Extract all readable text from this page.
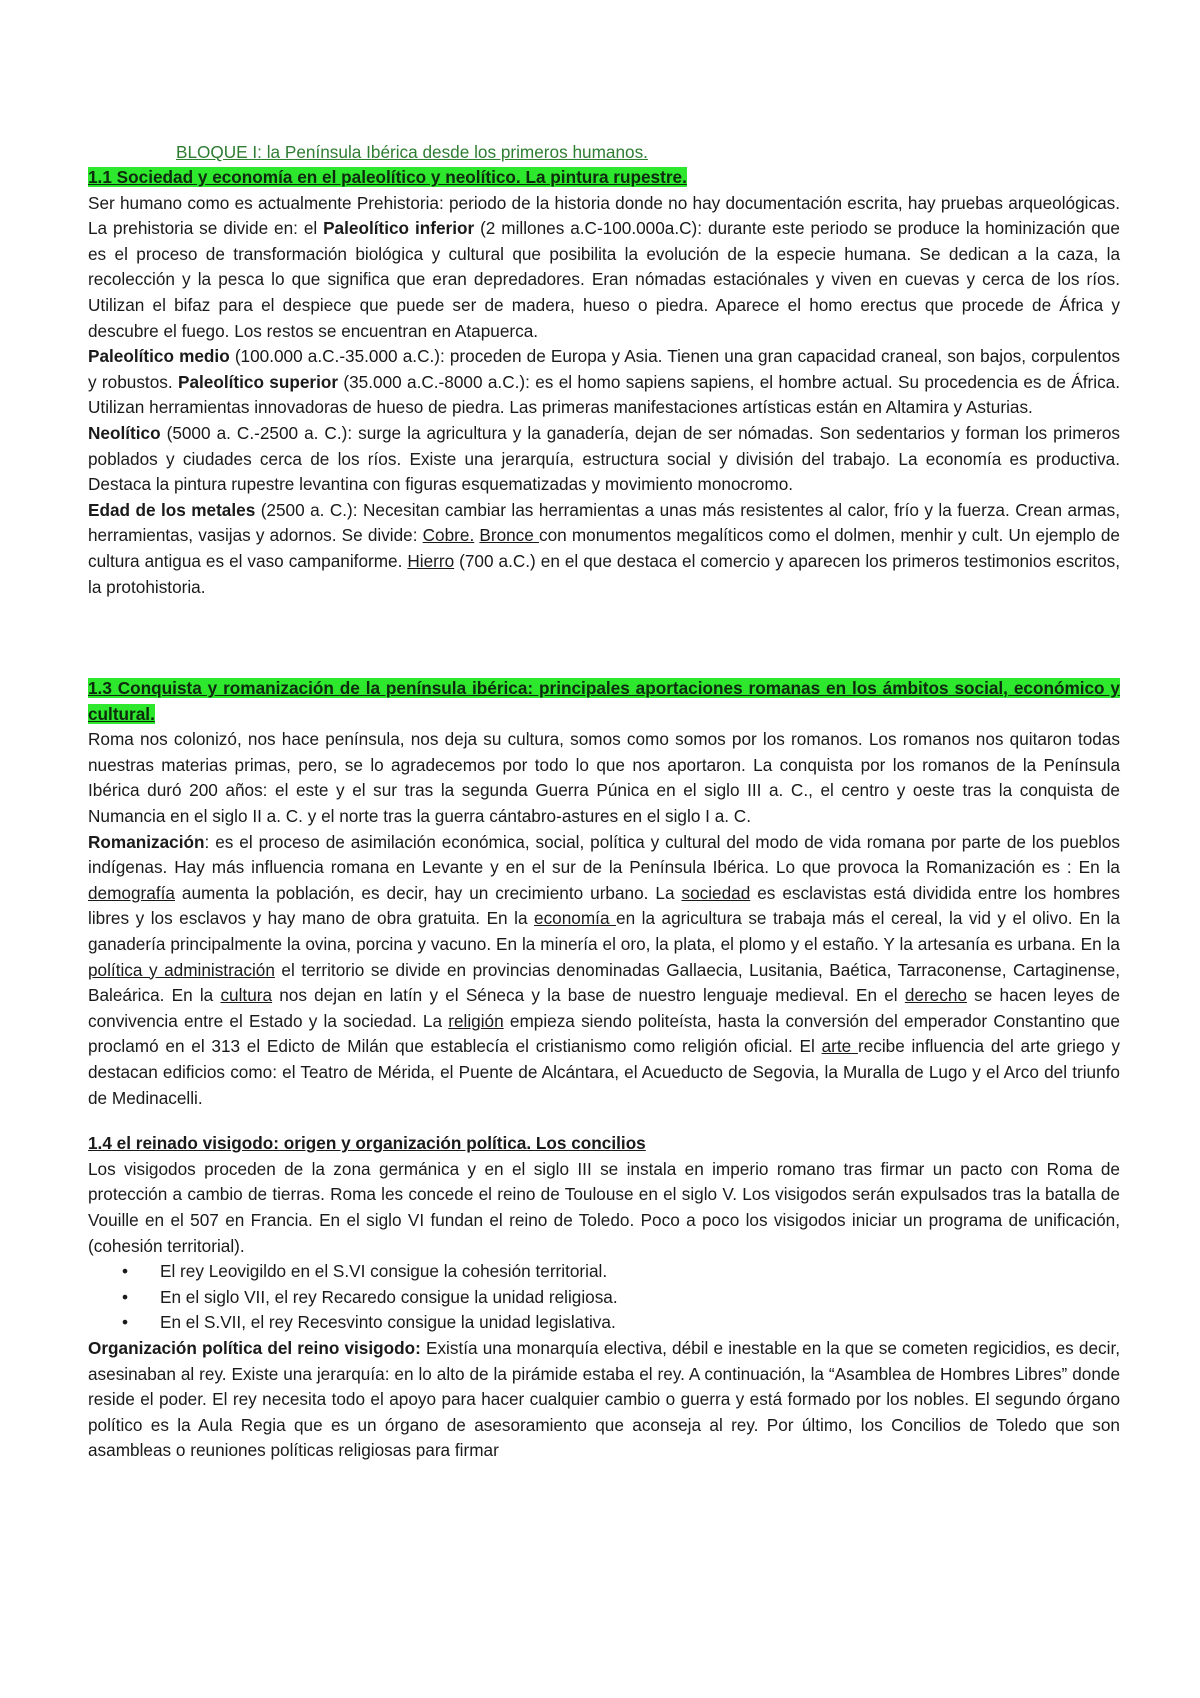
BLOQUE I: la Península Ibérica desde los primeros humanos.

1.1 Sociedad y economía en el paleolítico y neolítico. La pintura rupestre.

Ser humano como es actualmente Prehistoria: periodo de la historia donde no hay documentación escrita, hay pruebas arqueológicas. La prehistoria se divide en: el Paleolítico inferior (2 millones a.C-100.000a.C): durante este periodo se produce la hominización que es el proceso de transformación biológica y cultural que posibilita la evolución de la especie humana. Se dedican a la caza, la recolección y la pesca lo que significa que eran depredadores. Eran nómadas estaciónales y viven en cuevas y cerca de los ríos. Utilizan el bifaz para el despiece que puede ser de madera, hueso o piedra. Aparece el homo erectus que procede de África y descubre el fuego. Los restos se encuentran en Atapuerca.

Paleolítico medio (100.000 a.C.-35.000 a.C.): proceden de Europa y Asia. Tienen una gran capacidad craneal, son bajos, corpulentos y robustos. Paleolítico superior (35.000 a.C.-8000 a.C.): es el homo sapiens sapiens, el hombre actual. Su procedencia es de África. Utilizan herramientas innovadoras de hueso de piedra. Las primeras manifestaciones artísticas están en Altamira y Asturias.

Neolítico (5000 a. C.-2500 a. C.): surge la agricultura y la ganadería, dejan de ser nómadas. Son sedentarios y forman los primeros poblados y ciudades cerca de los ríos. Existe una jerarquía, estructura social y división del trabajo. La economía es productiva. Destaca la pintura rupestre levantina con figuras esquematizadas y movimiento monocromo.

Edad de los metales (2500 a. C.): Necesitan cambiar las herramientas a unas más resistentes al calor, frío y la fuerza. Crean armas, herramientas, vasijas y adornos. Se divide: Cobre. Bronce con monumentos megalíticos como el dolmen, menhir y cult. Un ejemplo de cultura antigua es el vaso campaniforme. Hierro (700 a.C.) en el que destaca el comercio y aparecen los primeros testimonios escritos, la protohistoria.

1.3 Conquista y romanización de la península ibérica: principales aportaciones romanas en los ámbitos social, económico y cultural.

Roma nos colonizó, nos hace península, nos deja su cultura, somos como somos por los romanos. Los romanos nos quitaron todas nuestras materias primas, pero, se lo agradecemos por todo lo que nos aportaron. La conquista por los romanos de la Península Ibérica duró 200 años: el este y el sur tras la segunda Guerra Púnica en el siglo III a. C., el centro y oeste tras la conquista de Numancia en el siglo II a. C. y el norte tras la guerra cántabro-astures en el siglo I a. C.

Romanización: es el proceso de asimilación económica, social, política y cultural del modo de vida romana por parte de los pueblos indígenas. Hay más influencia romana en Levante y en el sur de la Península Ibérica. Lo que provoca la Romanización es : En la demografía aumenta la población, es decir, hay un crecimiento urbano. La sociedad es esclavistas está dividida entre los hombres libres y los esclavos y hay mano de obra gratuita. En la economía en la agricultura se trabaja más el cereal, la vid y el olivo. En la ganadería principalmente la ovina, porcina y vacuno. En la minería el oro, la plata, el plomo y el estaño. Y la artesanía es urbana. En la política y administración el territorio se divide en provincias denominadas Gallaecia, Lusitania, Baética, Tarraconense, Cartaginense, Baleárica. En la cultura nos dejan en latín y el Séneca y la base de nuestro lenguaje medieval. En el derecho se hacen leyes de convivencia entre el Estado y la sociedad. La religión empieza siendo politeísta, hasta la conversión del emperador Constantino que proclamó en el 313 el Edicto de Milán que establecía el cristianismo como religión oficial. El arte recibe influencia del arte griego y destacan edificios como: el Teatro de Mérida, el Puente de Alcántara, el Acueducto de Segovia, la Muralla de Lugo y el Arco del triunfo de Medinacelli.

1.4 el reinado visigodo: origen y organización política. Los concilios

Los visigodos proceden de la zona germánica y en el siglo III se instala en imperio romano tras firmar un pacto con Roma de protección a cambio de tierras. Roma les concede el reino de Toulouse en el siglo V. Los visigodos serán expulsados tras la batalla de Vouille en el 507 en Francia. En el siglo VI fundan el reino de Toledo. Poco a poco los visigodos iniciar un programa de unificación, (cohesión territorial).

• El rey Leovigildo en el S.VI consigue la cohesión territorial.
• En el siglo VII, el rey Recaredo consigue la unidad religiosa.
• En el S.VII, el rey Recesvinto consigue la unidad legislativa.

Organización política del reino visigodo: Existía una monarquía electiva, débil e inestable en la que se cometen regicidios, es decir, asesinaban al rey. Existe una jerarquía: en lo alto de la pirámide estaba el rey. A continuación, la “Asamblea de Hombres Libres” donde reside el poder. El rey necesita todo el apoyo para hacer cualquier cambio o guerra y está formado por los nobles. El segundo órgano político es la Aula Regia que es un órgano de asesoramiento que aconseja al rey. Por último, los Concilios de Toledo que son asambleas o reuniones políticas religiosas para firmar
